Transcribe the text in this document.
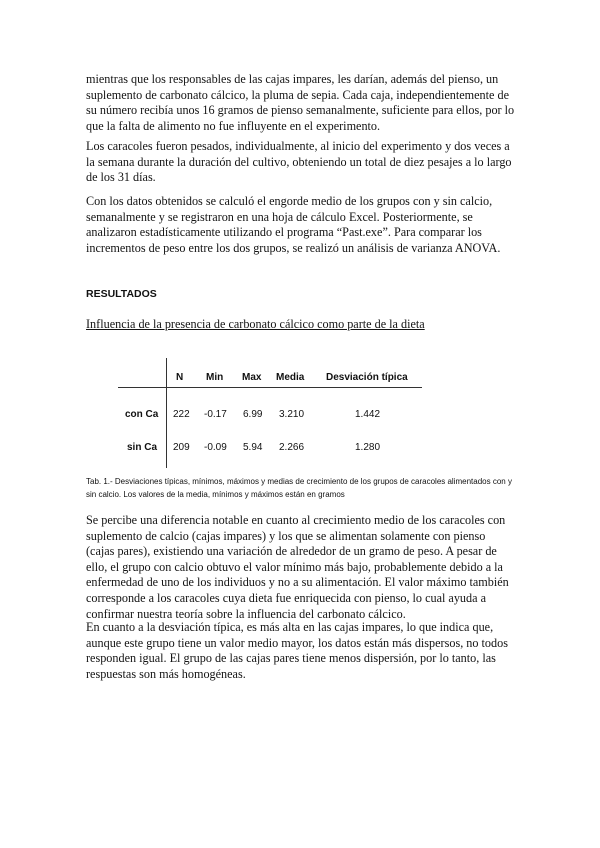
mientras que los responsables de las cajas impares, les darían, además del pienso, un suplemento de carbonato cálcico, la pluma de sepia. Cada caja, independientemente de su número recibía unos 16 gramos de pienso semanalmente, suficiente para ellos, por lo que la falta de alimento no fue influyente en el experimento.

Los caracoles fueron pesados, individualmente, al inicio del experimento y dos veces a la semana durante la duración del cultivo, obteniendo un total de diez pesajes a lo largo de los 31 días.

Con los datos obtenidos se calculó el engorde medio de los grupos con y sin calcio, semanalmente y se registraron en una hoja de cálculo Excel. Posteriormente, se analizaron estadísticamente utilizando el programa “Past.exe”. Para comparar los incrementos de peso entre los dos grupos, se realizó un análisis de varianza ANOVA.

RESULTADOS

Influencia de la presencia de carbonato cálcico como parte de la dieta

N Min Max Media Desviación típica
con Ca 222 -0.17 6.99 3.210	1.442
sin Ca 209 -0.09 5.94 2.266	1.280

Tab. 1.- Desviaciones típicas, mínimos, máximos y medias de crecimiento de los grupos de caracoles alimentados con y sin calcio. Los valores de la media, mínimos y máximos están en gramos

Se percibe una diferencia notable en cuanto al crecimiento medio de los caracoles con suplemento de calcio (cajas impares) y los que se alimentan solamente con pienso (cajas pares), existiendo una variación de alrededor de un gramo de peso. A pesar de ello, el grupo con calcio obtuvo el valor mínimo más bajo, probablemente debido a la enfermedad de uno de los individuos y no a su alimentación. El valor máximo también corresponde a los caracoles cuya dieta fue enriquecida con pienso, lo cual ayuda a confirmar nuestra teoría sobre la influencia del carbonato cálcico.

En cuanto a la desviación típica, es más alta en las cajas impares, lo que indica que, aunque este grupo tiene un valor medio mayor, los datos están más dispersos, no todos responden igual. El grupo de las cajas pares tiene menos dispersión, por lo tanto, las respuestas son más homogéneas.
